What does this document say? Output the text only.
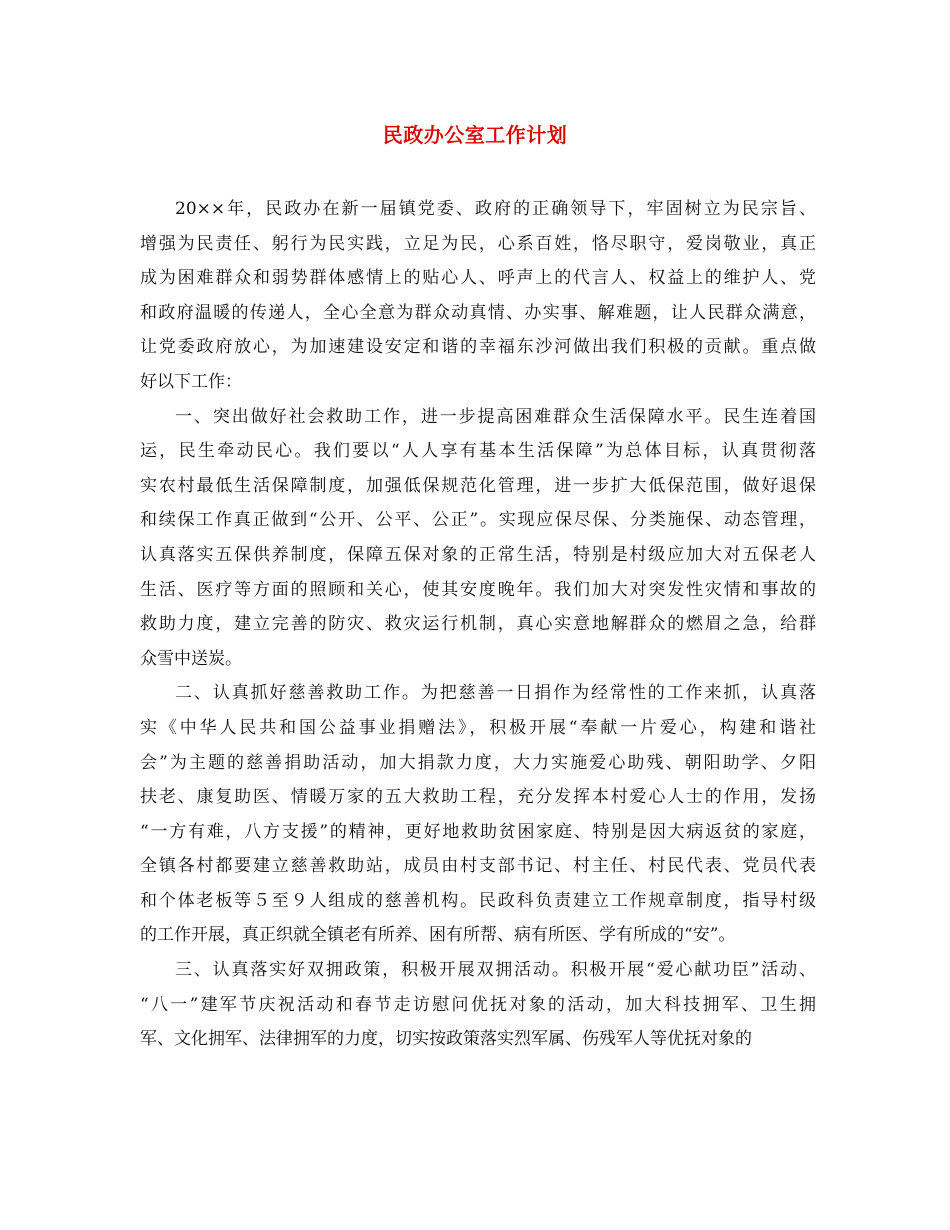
民政办公室工作计划
20××年，民政办在新一届镇党委、政府的正确领导下，牢固树立为民宗旨、
增强为民责任、躬行为民实践，立足为民，心系百姓，恪尽职守，爱岗敬业，真正
成为困难群众和弱势群体感情上的贴心人、呼声上的代言人、权益上的维护人、党
和政府温暖的传递人，全心全意为群众动真情、办实事、解难题，让人民群众满意，
让党委政府放心，为加速建设安定和谐的幸福东沙河做出我们积极的贡献。重点做
好以下工作：
一、突出做好社会救助工作，进一步提高困难群众生活保障水平。民生连着国
运，民生牵动民心。我们要以“人人享有基本生活保障”为总体目标，认真贯彻落
实农村最低生活保障制度，加强低保规范化管理，进一步扩大低保范围，做好退保
和续保工作真正做到“公开、公平、公正”。实现应保尽保、分类施保、动态管理，
认真落实五保供养制度，保障五保对象的正常生活，特别是村级应加大对五保老人
生活、医疗等方面的照顾和关心，使其安度晚年。我们加大对突发性灾情和事故的
救助力度，建立完善的防灾、救灾运行机制，真心实意地解群众的燃眉之急，给群
众雪中送炭。
二、认真抓好慈善救助工作。为把慈善一日捐作为经常性的工作来抓，认真落
实《中华人民共和国公益事业捐赠法》，积极开展“奉献一片爱心，构建和谐社
会”为主题的慈善捐助活动，加大捐款力度，大力实施爱心助残、朝阳助学、夕阳
扶老、康复助医、情暖万家的五大救助工程，充分发挥本村爱心人士的作用，发扬
“一方有难，八方支援”的精神，更好地救助贫困家庭、特别是因大病返贫的家庭，
全镇各村都要建立慈善救助站，成员由村支部书记、村主任、村民代表、党员代表
和个体老板等５至９人组成的慈善机构。民政科负责建立工作规章制度，指导村级
的工作开展，真正织就全镇老有所养、困有所帮、病有所医、学有所成的“安”。
三、认真落实好双拥政策，积极开展双拥活动。积极开展“爱心献功臣”活动、
“八一”建军节庆祝活动和春节走访慰问优抚对象的活动，加大科技拥军、卫生拥
军、文化拥军、法律拥军的力度，切实按政策落实烈军属、伤残军人等优抚对象的
